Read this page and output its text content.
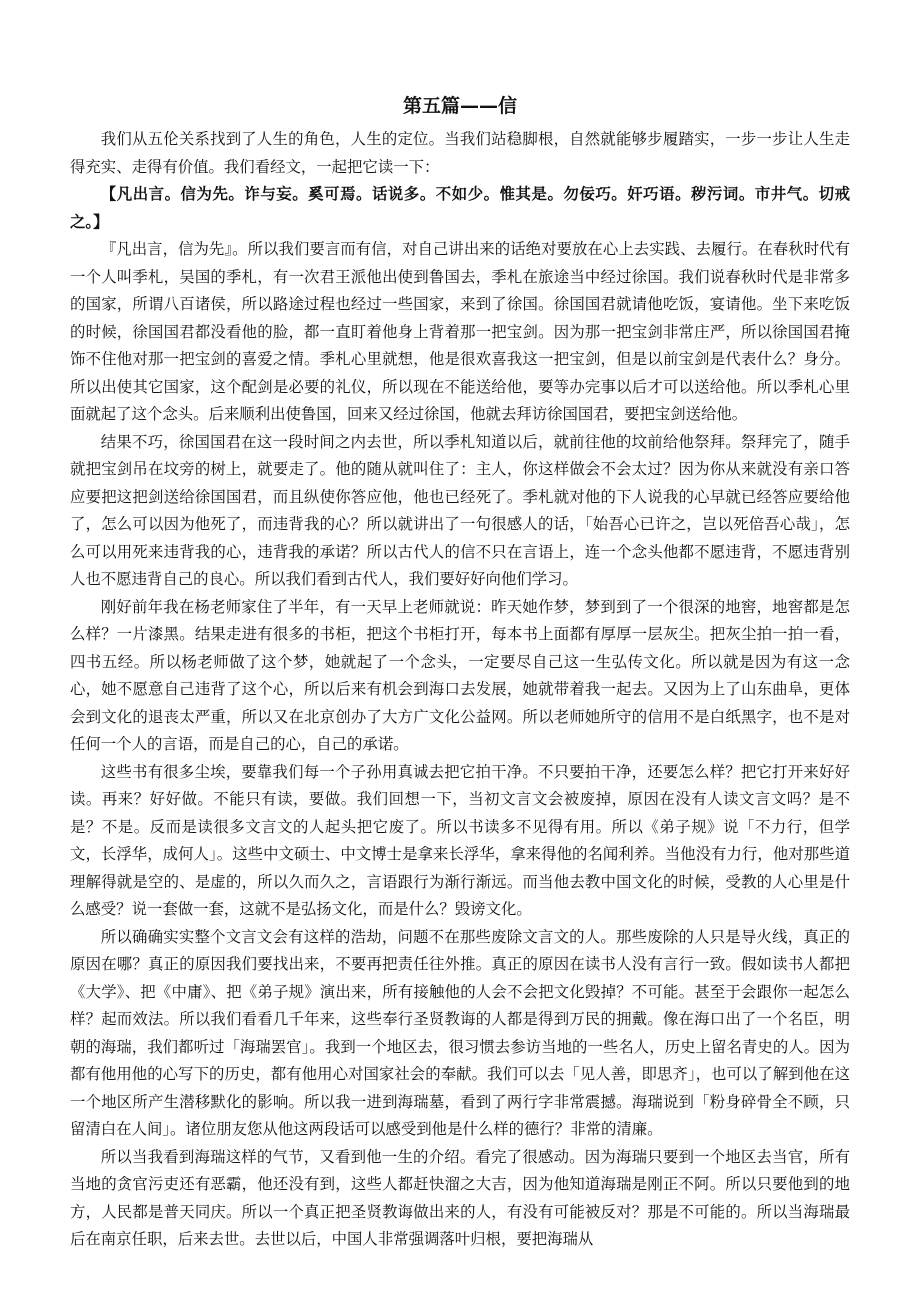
第五篇——信

我们从五伦关系找到了人生的角色，人生的定位。当我们站稳脚根，自然就能够步履踏实，一步一步让人生走得充实、走得有价值。我们看经文，一起把它读一下：

【凡出言。信为先。诈与妄。奚可焉。话说多。不如少。惟其是。勿佞巧。奸巧语。秽污词。市井气。切戒之。】

『凡出言，信为先』。所以我们要言而有信，对自己讲出来的话绝对要放在心上去实践、去履行。在春秋时代有一个人叫季札，吴国的季札，有一次君王派他出使到鲁国去，季札在旅途当中经过徐国。我们说春秋时代是非常多的国家，所谓八百诸侯，所以路途过程也经过一些国家，来到了徐国。徐国国君就请他吃饭，宴请他。坐下来吃饭的时候，徐国国君都没看他的脸，都一直盯着他身上背着那一把宝剑。因为那一把宝剑非常庄严，所以徐国国君掩饰不住他对那一把宝剑的喜爱之情。季札心里就想，他是很欢喜我这一把宝剑，但是以前宝剑是代表什么？身分。所以出使其它国家，这个配剑是必要的礼仪，所以现在不能送给他，要等办完事以后才可以送给他。所以季札心里面就起了这个念头。后来顺利出使鲁国，回来又经过徐国，他就去拜访徐国国君，要把宝剑送给他。

结果不巧，徐国国君在这一段时间之内去世，所以季札知道以后，就前往他的坟前给他祭拜。祭拜完了，随手就把宝剑吊在坟旁的树上，就要走了。他的随从就叫住了：主人，你这样做会不会太过？因为你从来就没有亲口答应要把这把剑送给徐国国君，而且纵使你答应他，他也已经死了。季札就对他的下人说我的心早就已经答应要给他了，怎么可以因为他死了，而违背我的心？所以就讲出了一句很感人的话，「始吾心已许之，岂以死倍吾心哉」，怎么可以用死来违背我的心，违背我的承诺？所以古代人的信不只在言语上，连一个念头他都不愿违背，不愿违背别人也不愿违背自己的良心。所以我们看到古代人，我们要好好向他们学习。

刚好前年我在杨老师家住了半年，有一天早上老师就说：昨天她作梦，梦到到了一个很深的地窖，地窖都是怎么样？一片漆黑。结果走进有很多的书柜，把这个书柜打开，每本书上面都有厚厚一层灰尘。把灰尘拍一拍一看，四书五经。所以杨老师做了这个梦，她就起了一个念头，一定要尽自己这一生弘传文化。所以就是因为有这一念心，她不愿意自己违背了这个心，所以后来有机会到海口去发展，她就带着我一起去。又因为上了山东曲阜，更体会到文化的退丧太严重，所以又在北京创办了大方广文化公益网。所以老师她所守的信用不是白纸黑字，也不是对任何一个人的言语，而是自己的心，自己的承诺。

这些书有很多尘埃，要靠我们每一个子孙用真诚去把它拍干净。不只要拍干净，还要怎么样？把它打开来好好读。再来？好好做。不能只有读，要做。我们回想一下，当初文言文会被废掉，原因在没有人读文言文吗？是不是？不是。反而是读很多文言文的人起头把它废了。所以书读多不见得有用。所以《弟子规》说「不力行，但学文，长浮华，成何人」。这些中文硕士、中文博士是拿来长浮华，拿来得他的名闻利养。当他没有力行，他对那些道理解得就是空的、是虚的，所以久而久之，言语跟行为渐行渐远。而当他去教中国文化的时候，受教的人心里是什么感受？说一套做一套，这就不是弘扬文化，而是什么？毁谤文化。

所以确确实实整个文言文会有这样的浩劫，问题不在那些废除文言文的人。那些废除的人只是导火线，真正的原因在哪？真正的原因我们要找出来，不要再把责任往外推。真正的原因在读书人没有言行一致。假如读书人都把《大学》、把《中庸》、把《弟子规》演出来，所有接触他的人会不会把文化毁掉？不可能。甚至于会跟你一起怎么样？起而效法。所以我们看看几千年来，这些奉行圣贤教诲的人都是得到万民的拥戴。像在海口出了一个名臣，明朝的海瑞，我们都听过「海瑞罢官」。我到一个地区去，很习惯去参访当地的一些名人，历史上留名青史的人。因为都有他用他的心写下的历史，都有他用心对国家社会的奉献。我们可以去「见人善，即思齐」，也可以了解到他在这一个地区所产生潜移默化的影响。所以我一进到海瑞墓，看到了两行字非常震撼。海瑞说到「粉身碎骨全不顾，只留清白在人间」。诸位朋友您从他这两段话可以感受到他是什么样的德行？非常的清廉。

所以当我看到海瑞这样的气节，又看到他一生的介绍。看完了很感动。因为海瑞只要到一个地区去当官，所有当地的贪官污吏还有恶霸，他还没有到，这些人都赶快溜之大吉，因为他知道海瑞是刚正不阿。所以只要他到的地方，人民都是普天同庆。所以一个真正把圣贤教诲做出来的人，有没有可能被反对？那是不可能的。所以当海瑞最后在南京任职，后来去世。去世以后，中国人非常强调落叶归根，要把海瑞从
